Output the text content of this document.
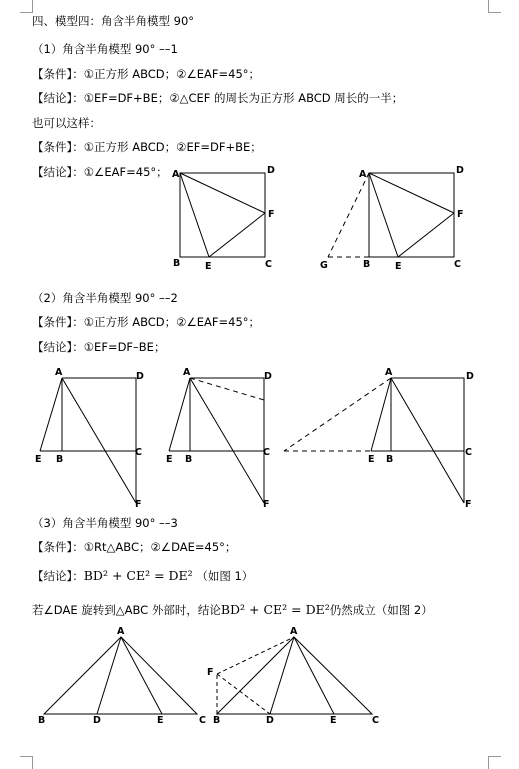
四、模型四：角含半角模型 90°
（1）角含半角模型 90° ––1
【条件】：①正方形 ABCD；②∠EAF=45°；
【结论】：①EF=DF+BE；②△CEF 的周长为正方形 ABCD 周长的一半；
也可以这样：
【条件】：①正方形 ABCD；②EF=DF+BE；
【结论】：①∠EAF=45°； A	D
F
B	E	C
A	D
F
G	B	E	C
（2）角含半角模型 90° ––2
【条件】：①正方形 ABCD；②∠EAF=45°；
【结论】：①EF=DF–BE；
A	D
C
E B
F
A	D
C
E B
F
A	D
C
E B
F
（3）角含半角模型 90° ––3
【条件】：①Rt△ABC；②∠DAE=45°；
【结论】：BD² + CE² = DE² （如图 1）
若∠DAE 旋转到△ABC 外部时，结论BD² + CE² = DE²仍然成立（如图 2）
A
B	D	E	C
A
F
B	D	E	C
